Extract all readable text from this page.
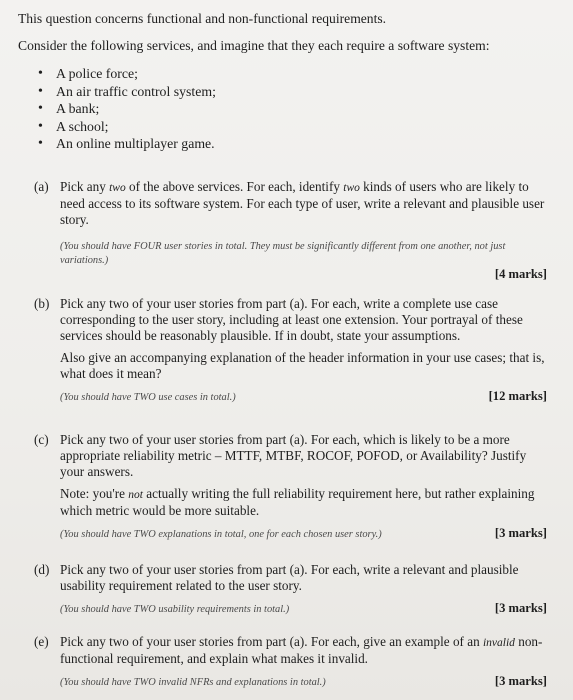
This question concerns functional and non-functional requirements.
Consider the following services, and imagine that they each require a software system:
• A police force;
• An air traffic control system;
• A bank;
• A school;
• An online multiplayer game.
(a) Pick any two of the above services. For each, identify two kinds of users who are likely to need access to its software system. For each type of user, write a relevant and plausible user story.
(You should have FOUR user stories in total. They must be significantly different from one another, not just variations.)
[4 marks]
(b) Pick any two of your user stories from part (a). For each, write a complete use case corresponding to the user story, including at least one extension. Your portrayal of these services should be reasonably plausible. If in doubt, state your assumptions.
Also give an accompanying explanation of the header information in your use cases; that is, what does it mean?
(You should have TWO use cases in total.)	[12 marks]
(c) Pick any two of your user stories from part (a). For each, which is likely to be a more appropriate reliability metric – MTTF, MTBF, ROCOF, POFOD, or Availability? Justify your answers.
Note: you're not actually writing the full reliability requirement here, but rather explaining which metric would be more suitable.
(You should have TWO explanations in total, one for each chosen user story.)	[3 marks]
(d) Pick any two of your user stories from part (a). For each, write a relevant and plausible usability requirement related to the user story.
(You should have TWO usability requirements in total.)	[3 marks]
(e) Pick any two of your user stories from part (a). For each, give an example of an invalid non-functional requirement, and explain what makes it invalid.
(You should have TWO invalid NFRs and explanations in total.)	[3 marks]
